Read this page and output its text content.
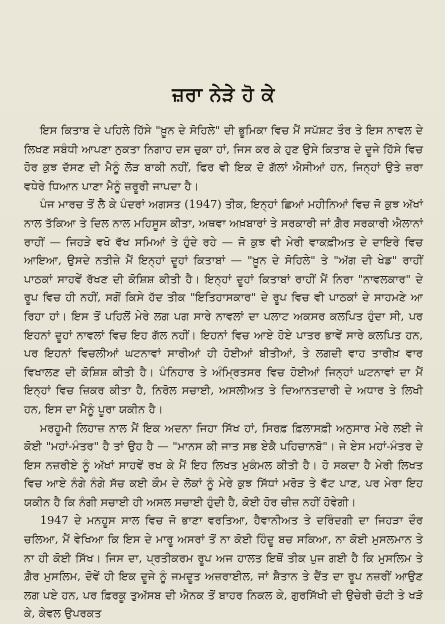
ਜ਼ਰਾ ਨੇੜੇ ਹੋ ਕੇ

ਇਸ ਕਿਤਾਬ ਦੇ ਪਹਿਲੇ ਹਿੱਸੇ "ਖ਼ੂਨ ਦੇ ਸੋਹਿਲੇ" ਦੀ ਭੂਮਿਕਾ ਵਿਚ ਮੈਂ ਸਪੱਸ਼ਟ ਤੌਰ ਤੇ ਇਸ ਨਾਵਲ ਦੇ ਲਿਖਣ ਸਬੰਧੀ ਆਪਣਾ ਨੁਕਤਾ ਨਿਗਾਹ ਦਸ ਚੁਕਾ ਹਾਂ, ਜਿਸ ਕਰ ਕੇ ਹੁਣ ਉਸੇ ਕਿਤਾਬ ਦੇ ਦੂਜੇ ਹਿੱਸੇ ਵਿਚ ਹੋਰ ਕੁਝ ਦੱਸਣ ਦੀ ਮੈਨੂੰ ਲੋੜ ਬਾਕੀ ਨਹੀਂ, ਫਿਰ ਵੀ ਇਕ ਦੋ ਗੱਲਾਂ ਐਸੀਆਂ ਹਨ, ਜਿਨ੍ਹਾਂ ਉਤੇ ਜ਼ਰਾ ਵਧੇਰੇ ਧਿਆਨ ਪਾਣਾ ਮੈਨੂੰ ਜ਼ਰੂਰੀ ਜਾਪਦਾ ਹੈ।

ਪੰਜ ਮਾਰਚ ਤੋਂ ਲੈ ਕੇ ਪੰਦਰਾਂ ਅਗਸਤ (1947) ਤੀਕ, ਇਨ੍ਹਾਂ ਛਿਆਂ ਮਹੀਨਿਆਂ ਵਿਚ ਜੋ ਕੁਝ ਅੱਖਾਂ ਨਾਲ ਤੱਕਿਆ ਤੇ ਦਿਲ ਨਾਲ ਮਹਿਸੂਸ ਕੀਤਾ, ਅਥਵਾ ਅਖ਼ਬਾਰਾਂ ਤੇ ਸਰਕਾਰੀ ਜਾਂ ਗ਼ੈਰ ਸਰਕਾਰੀ ਐਲਾਨਾਂ ਰਾਹੀਂ — ਜਿਹੜੇ ਵਖੋ ਵੱਖ ਸਮਿਆਂ ਤੇ ਹੁੰਦੇ ਰਹੇ — ਜੋ ਕੁਝ ਵੀ ਮੇਰੀ ਵਾਕਫ਼ੀਅਤ ਦੇ ਦਾਇਰੇ ਵਿਚ ਆਇਆ, ਉਸਦੇ ਨਤੀਜ਼ੇ ਮੈਂ ਇਨ੍ਹਾਂ ਦੂਹਾਂ ਕਿਤਾਬਾਂ — "ਖ਼ੂਨ ਦੇ ਸੋਹਿਲੇ" ਤੇ "ਅੱਗ ਦੀ ਖੇਡ" ਰਾਹੀਂ ਪਾਠਕਾਂ ਸਾਹਵੇਂ ਰੱਖਣ ਦੀ ਕੋਸ਼ਿਸ਼ ਕੀਤੀ ਹੈ। ਇਨ੍ਹਾਂ ਦੂਹਾਂ ਕਿਤਾਬਾਂ ਰਾਹੀਂ ਮੈਂ ਨਿਰਾ "ਨਾਵਲਕਾਰ" ਦੇ ਰੂਪ ਵਿਚ ਹੀ ਨਹੀਂ, ਸਗੋਂ ਕਿਸੇ ਹੱਦ ਤੀਕ "ਇਤਿਹਾਸਕਾਰ" ਦੇ ਰੂਪ ਵਿਚ ਵੀ ਪਾਠਕਾਂ ਦੇ ਸਾਹਮਣੇ ਆ ਰਿਹਾ ਹਾਂ। ਇਸ ਤੋਂ ਪਹਿਲੋਂ ਮੇਰੇ ਲਗ ਪਗ ਸਾਰੇ ਨਾਵਲਾਂ ਦਾ ਪਲਾਟ ਅਕਸਰ ਕਲਪਿਤ ਹੁੰਦਾ ਸੀ, ਪਰ ਇਹਨਾਂ ਦੂਹਾਂ ਨਾਵਲਾਂ ਵਿਚ ਇਹ ਗੱਲ ਨਹੀਂ। ਇਹਨਾਂ ਵਿਚ ਆਏ ਹੋਏ ਪਾਤਰ ਭਾਵੇਂ ਸਾਰੇ ਕਲਪਿਤ ਹਨ, ਪਰ ਇਹਨਾਂ ਵਿਚਲੀਆਂ ਘਟਨਾਵਾਂ ਸਾਰੀਆਂ ਹੀ ਹੋਈਆਂ ਬੀਤੀਆਂ, ਤੇ ਲਗਦੀ ਵਾਹ ਤਾਰੀਖ਼ ਵਾਰ ਵਿਖਾਲਣ ਦੀ ਕੋਸ਼ਿਸ਼ ਕੀਤੀ ਹੈ। ਪੰਨਿਹਾਰ ਤੇ ਅੰਮ੍ਰਿਤਸਰ ਵਿਚ ਹੋਈਆਂ ਜਿਨ੍ਹਾਂ ਘਟਨਾਵਾਂ ਦਾ ਮੈਂ ਇਨ੍ਹਾਂ ਵਿਚ ਜ਼ਿਕਰ ਕੀਤਾ ਹੈ, ਨਿਰੋਲ ਸਚਾਈ, ਅਸਲੀਅਤ ਤੇ ਦਿਆਨਤਦਾਰੀ ਦੇ ਅਧਾਰ ਤੇ ਲਿਖੀ ਹਨ, ਇਸ ਦਾ ਮੈਨੂੰ ਪੂਰਾ ਯਕੀਨ ਹੈ।

ਮਰਹੂਮੀ ਲਿਹਾਜ਼ ਨਾਲ ਮੈਂ ਇਕ ਅਦਨਾ ਜਿਹਾ ਸਿੱਖ ਹਾਂ, ਸਿਰਫ਼ ਫ਼ਿਲਾਸਫ਼ੀ ਅਨੁਸਾਰ ਮੇਰੇ ਲਈ ਜੇ ਕੋਈ "ਮਹਾਂ-ਮੰਤਰ" ਹੈ ਤਾਂ ਉਹ ਹੈ — "ਮਾਨਸ ਕੀ ਜਾਤ ਸਭ ਏਕੈ ਪਹਿਚਾਨਬੋ"। ਜੇ ਏਸ ਮਹਾਂ-ਮੰਤਰ ਦੇ ਇਸ ਨਜ਼ਰੀਏ ਨੂੰ ਅੱਖਾਂ ਸਾਹਵੇਂ ਰਖ ਕੇ ਮੈਂ ਇਹ ਲਿਖਤ ਮੁਕੰਮਲ ਕੀਤੀ ਹੈ। ਹੋ ਸਕਦਾ ਹੈ ਮੇਰੀ ਲਿਖਤ ਵਿਚ ਆਏ ਨੰਗੇ ਨੰਗੇ ਸੱਚ ਕਈ ਕੌਮ ਦੇ ਲੋਕਾਂ ਨੂੰ ਮੇਰੇ ਕੁਝ ਸਿੱਧਾਂ ਮਰੋੜ ਤੇ ਵੱਟ ਪਾਣ, ਪਰ ਮੇਰਾ ਇਹ ਯਕੀਨ ਹੈ ਕਿ ਨੰਗੀ ਸਚਾਈ ਹੀ ਅਸਲ ਸਚਾਈ ਹੁੰਦੀ ਹੈ, ਕੋਈ ਹੋਰ ਚੀਜ਼ ਨਹੀਂ ਹੋਵੇਗੀ।

1947 ਦੇ ਮਨਹੂਸ ਸਾਲ ਵਿਚ ਜੋ ਭਾਣਾ ਵਰਤਿਆ, ਹੈਵਾਨੀਅਤ ਤੇ ਦਰਿੰਦਗੀ ਦਾ ਜਿਹੜਾ ਦੌਰ ਚਲਿਆ, ਮੈਂ ਵੇਖਿਆ ਕਿ ਇਸ ਦੇ ਮਾਰੂ ਅਸਰਾਂ ਤੋਂ ਨਾ ਕੋਈ ਹਿੰਦੂ ਬਚ ਸਕਿਆ, ਨਾ ਕੋਈ ਮੁਸਲਮਾਨ ਤੇ ਨਾ ਹੀ ਕੋਈ ਸਿੱਖ। ਜਿਸ ਦਾ, ਪ੍ਰਤੀਕਰਮ ਰੂਪ ਅਜ ਹਾਲਤ ਇਥੋਂ ਤੀਕ ਪੁਜ ਗਈ ਹੈ ਕਿ ਮੁਸਲਿਮ ਤੇ ਗ਼ੈਰ ਮੁਸਲਿਮ, ਦੋਵੇਂ ਹੀ ਇਕ ਦੂਜੇ ਨੂੰ ਜਮਦੂਤ ਅਜ਼ਰਾਈਲ, ਜਾਂ ਸ਼ੈਤਾਨ ਤੇ ਦੈਂਤ ਦਾ ਰੂਪ ਨਜ਼ਰੀਂ ਆਉਣ ਲਗ ਪਏ ਹਨ, ਪਰ ਫ਼ਿਰਕੂ ਤੁਅੱਸਬ ਦੀ ਐਨਕ ਤੋਂ ਬਾਹਰ ਨਿਕਲ ਕੇ, ਗੁਰਸਿੱਖੀ ਦੀ ਉਚੇਰੀ ਚੋਟੀ ਤੇ ਖੜੋ ਕੇ, ਕੇਵਲ ਉਪਰਕਤ
